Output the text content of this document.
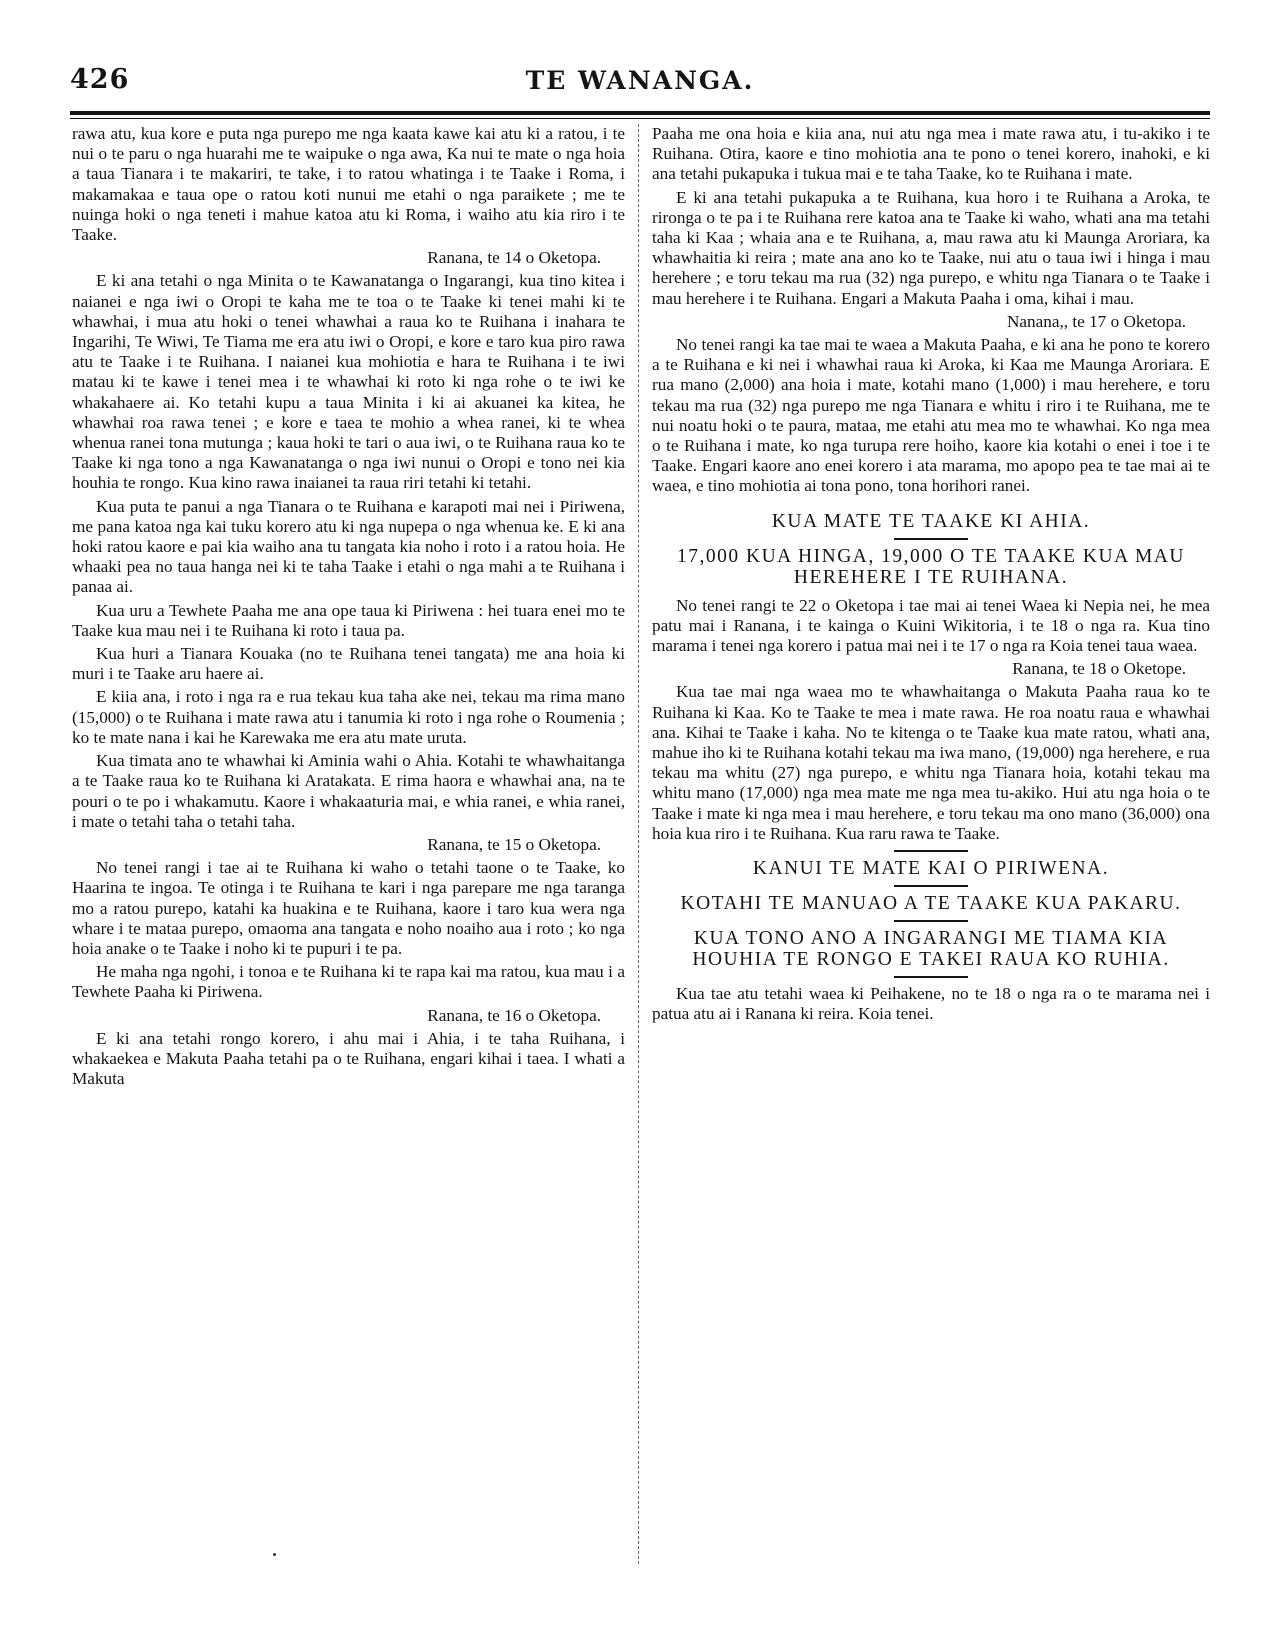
426	TE WANANGA.

rawa atu, kua kore e puta nga purepo me nga kaata kawe kai atu ki a ratou, i te nui o te paru o nga huarahi me te waipuke o nga awa, Ka nui te mate o nga hoia a taua Tianara i te makariri, te take, i to ratou whatinga i te Taake i Roma, i makamakaa e taua ope o ratou koti nunui me etahi o nga paraikete ; me te nuinga hoki o nga teneti i mahue katoa atu ki Roma, i waiho atu kia riro i te Taake.

Ranana, te 14 o Oketopa.

E ki ana tetahi o nga Minita o te Kawanatanga o Ingarangi, kua tino kitea i naianei e nga iwi o Oropi te kaha me te toa o te Taake ki tenei mahi ki te whawhai, i mua atu hoki o tenei whawhai a raua ko te Ruihana i inahara te Ingarihi, Te Wiwi, Te Tiama me era atu iwi o Oropi, e kore e taro kua piro rawa atu te Taake i te Ruihana. I naianei kua mohiotia e hara te Ruihana i te iwi matau ki te kawe i tenei mea i te whawhai ki roto ki nga rohe o te iwi ke whakahaere ai. Ko tetahi kupu a taua Minita i ki ai akuanei ka kitea, he whawhai roa rawa tenei ; e kore e taea te mohio a whea ranei, ki te whea whenua ranei tona mutunga ; kaua hoki te tari o aua iwi, o te Ruihana raua ko te Taake ki nga tono a nga Kawanatanga o nga iwi nunui o Oropi e tono nei kia houhia te rongo. Kua kino rawa inaianei ta raua riri tetahi ki tetahi.

Kua puta te panui a nga Tianara o te Ruihana e karapoti mai nei i Piriwena, me pana katoa nga kai tuku korero atu ki nga nupepa o nga whenua ke. E ki ana hoki ratou kaore e pai kia waiho ana tu tangata kia noho i roto i a ratou hoia. He whaaki pea no taua hanga nei ki te taha Taake i etahi o nga mahi a te Ruihana i panaa ai.

Kua uru a Tewhete Paaha me ana ope taua ki Piriwena : hei tuara enei mo te Taake kua mau nei i te Ruihana ki roto i taua pa.

Kua huri a Tianara Kouaka (no te Ruihana tenei tangata) me ana hoia ki muri i te Taake aru haere ai.

E kiia ana, i roto i nga ra e rua tekau kua taha ake nei, tekau ma rima mano (15,000) o te Ruihana i mate rawa atu i tanumia ki roto i nga rohe o Roumenia ; ko te mate nana i kai he Karewaka me era atu mate uruta.

Kua timata ano te whawhai ki Aminia wahi o Ahia. Kotahi te whawhaitanga a te Taake raua ko te Ruihana ki Aratakata. E rima haora e whawhai ana, na te pouri o te po i whakamutu. Kaore i whakaaturia mai, e whia ranei, e whia ranei, i mate o tetahi taha o tetahi taha.

Ranana, te 15 o Oketopa.

No tenei rangi i tae ai te Ruihana ki waho o tetahi taone o te Taake, ko Haarina te ingoa. Te otinga i te Ruihana te kari i nga parepare me nga taranga mo a ratou purepo, katahi ka huakina e te Ruihana, kaore i taro kua wera nga whare i te mataa purepo, omaoma ana tangata e noho noaiho aua i roto ; ko nga hoia anake o te Taake i noho ki te pupuri i te pa.

He maha nga ngohi, i tonoa e te Ruihana ki te rapa kai ma ratou, kua mau i a Tewhete Paaha ki Piriwena.

Ranana, te 16 o Oketopa.

E ki ana tetahi rongo korero, i ahu mai i Ahia, i te taha Ruihana, i whakaekea e Makuta Paaha tetahi pa o te Ruihana, engari kihai i taea. I whati a Makuta

Paaha me ona hoia e kiia ana, nui atu nga mea i mate rawa atu, i tu-akiko i te Ruihana. Otira, kaore e tino mohiotia ana te pono o tenei korero, inahoki, e ki ana tetahi pukapuka i tukua mai e te taha Taake, ko te Ruihana i mate.

E ki ana tetahi pukapuka a te Ruihana, kua horo i te Ruihana a Aroka, te rironga o te pa i te Ruihana rere katoa ana te Taake ki waho, whati ana ma tetahi taha ki Kaa ; whaia ana e te Ruihana, a, mau rawa atu ki Maunga Aroriara, ka whawhaitia ki reira ; mate ana ano ko te Taake, nui atu o taua iwi i hinga i mau herehere ; e toru tekau ma rua (32) nga purepo, e whitu nga Tianara o te Taake i mau herehere i te Ruihana. Engari a Makuta Paaha i oma, kihai i mau.

Nanana,, te 17 o Oketopa.

No tenei rangi ka tae mai te waea a Makuta Paaha, e ki ana he pono te korero a te Ruihana e ki nei i whawhai raua ki Aroka, ki Kaa me Maunga Aroriara. E rua mano (2,000) ana hoia i mate, kotahi mano (1,000) i mau herehere, e toru tekau ma rua (32) nga purepo me nga Tianara e whitu i riro i te Ruihana, me te nui noatu hoki o te paura, mataa, me etahi atu mea mo te whawhai. Ko nga mea o te Ruihana i mate, ko nga turupa rere hoiho, kaore kia kotahi o enei i toe i te Taake. Engari kaore ano enei korero i ata marama, mo apopo pea te tae mai ai te waea, e tino mohiotia ai tona pono, tona horihori ranei.

KUA MATE TE TAAKE KI AHIA.
17,000 KUA HINGA, 19,000 O TE TAAKE KUA MAU HEREHERE I TE RUIHANA.

No tenei rangi te 22 o Oketopa i tae mai ai tenei Waea ki Nepia nei, he mea patu mai i Ranana, i te kainga o Kuini Wikitoria, i te 18 o nga ra. Kua tino marama i tenei nga korero i patua mai nei i te 17 o nga ra Koia tenei taua waea.

Ranana, te 18 o Oketope.

Kua tae mai nga waea mo te whawhaitanga o Makuta Paaha raua ko te Ruihana ki Kaa. Ko te Taake te mea i mate rawa. He roa noatu raua e whawhai ana. Kihai te Taake i kaha. No te kitenga o te Taake kua mate ratou, whati ana, mahue iho ki te Ruihana kotahi tekau ma iwa mano, (19,000) nga herehere, e rua tekau ma whitu (27) nga purepo, e whitu nga Tianara hoia, kotahi tekau ma whitu mano (17,000) nga mea mate me nga mea tu-akiko. Hui atu nga hoia o te Taake i mate ki nga mea i mau herehere, e toru tekau ma ono mano (36,000) ona hoia kua riro i te Ruihana. Kua raru rawa te Taake.

KANUI TE MATE KAI O PIRIWENA.
KOTAHI TE MANUAO A TE TAAKE KUA PAKARU.
KUA TONO ANO A INGARANGI ME TIAMA KIA HOUHIA TE RONGO E TAKEI RAUA KO RUHIA.

Kua tae atu tetahi waea ki Peihakene, no te 18 o nga ra o te marama nei i patua atu ai i Ranana ki reira. Koia tenei.
